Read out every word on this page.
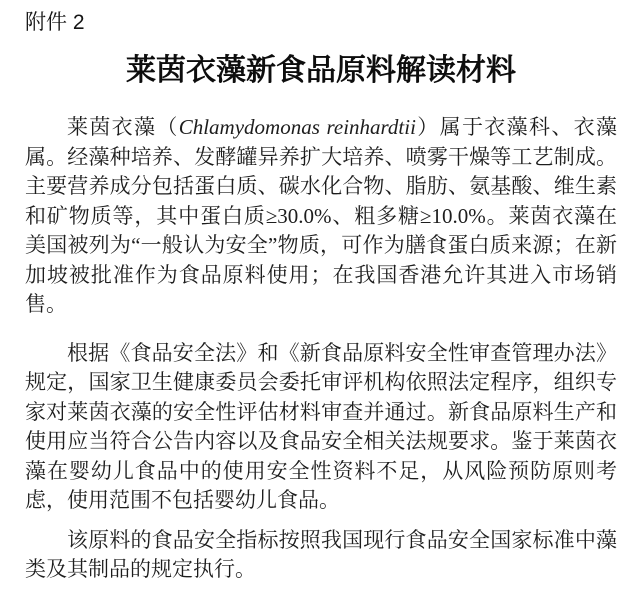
附件 2
莱茵衣藻新食品原料解读材料

莱茵衣藻（Chlamydomonas reinhardtii）属于衣藻科、衣藻属。经藻种培养、发酵罐异养扩大培养、喷雾干燥等工艺制成。主要营养成分包括蛋白质、碳水化合物、脂肪、氨基酸、维生素和矿物质等，其中蛋白质≥30.0%、粗多糖≥10.0%。莱茵衣藻在美国被列为“一般认为安全”物质，可作为膳食蛋白质来源；在新加坡被批准作为食品原料使用；在我国香港允许其进入市场销售。

根据《食品安全法》和《新食品原料安全性审查管理办法》规定，国家卫生健康委员会委托审评机构依照法定程序，组织专家对莱茵衣藻的安全性评估材料审查并通过。新食品原料生产和使用应当符合公告内容以及食品安全相关法规要求。鉴于莱茵衣藻在婴幼儿食品中的使用安全性资料不足，从风险预防原则考虑，使用范围不包括婴幼儿食品。

该原料的食品安全指标按照我国现行食品安全国家标准中藻类及其制品的规定执行。
